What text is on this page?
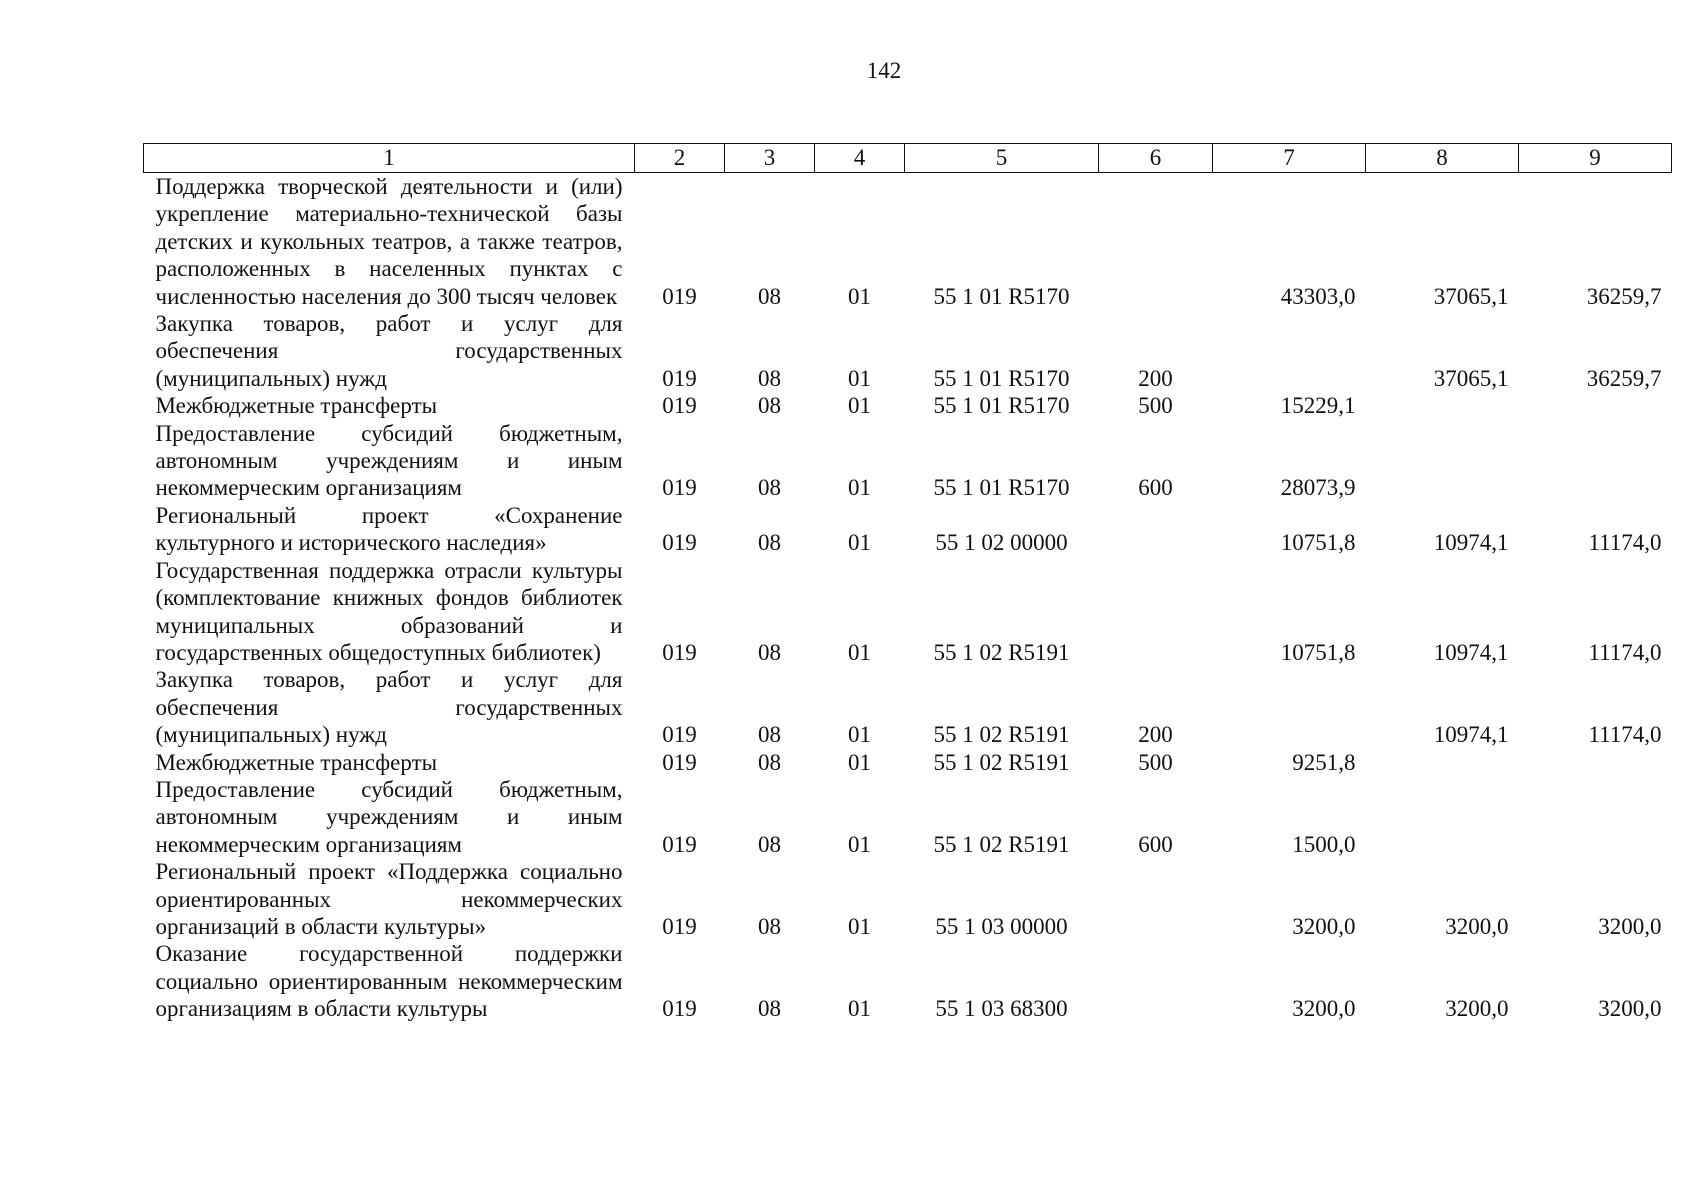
142
1	2	3	4	5	6	7	8	9
Поддержка творческой деятельности и (или) укрепление материально-технической базы детских и кукольных театров, а также театров, расположенных в населенных пунктах с численностью населения до 300 тысяч человек	019	08	01	55 1 01 R5170		43303,0	37065,1	36259,7
Закупка товаров, работ и услуг для обеспечения государственных (муниципальных) нужд	019	08	01	55 1 01 R5170	200		37065,1	36259,7
Межбюджетные трансферты	019	08	01	55 1 01 R5170	500	15229,1		
Предоставление субсидий бюджетным, автономным учреждениям и иным некоммерческим организациям	019	08	01	55 1 01 R5170	600	28073,9		
Региональный проект «Сохранение культурного и исторического наследия»	019	08	01	55 1 02 00000		10751,8	10974,1	11174,0
Государственная поддержка отрасли культуры (комплектование книжных фондов библиотек муниципальных образований и государственных общедоступных библиотек)	019	08	01	55 1 02 R5191		10751,8	10974,1	11174,0
Закупка товаров, работ и услуг для обеспечения государственных (муниципальных) нужд	019	08	01	55 1 02 R5191	200		10974,1	11174,0
Межбюджетные трансферты	019	08	01	55 1 02 R5191	500	9251,8		
Предоставление субсидий бюджетным, автономным учреждениям и иным некоммерческим организациям	019	08	01	55 1 02 R5191	600	1500,0		
Региональный проект «Поддержка социально ориентированных некоммерческих организаций в области культуры»	019	08	01	55 1 03 00000		3200,0	3200,0	3200,0
Оказание государственной поддержки социально ориентированным некоммерческим организациям в области культуры	019	08	01	55 1 03 68300		3200,0	3200,0	3200,0
